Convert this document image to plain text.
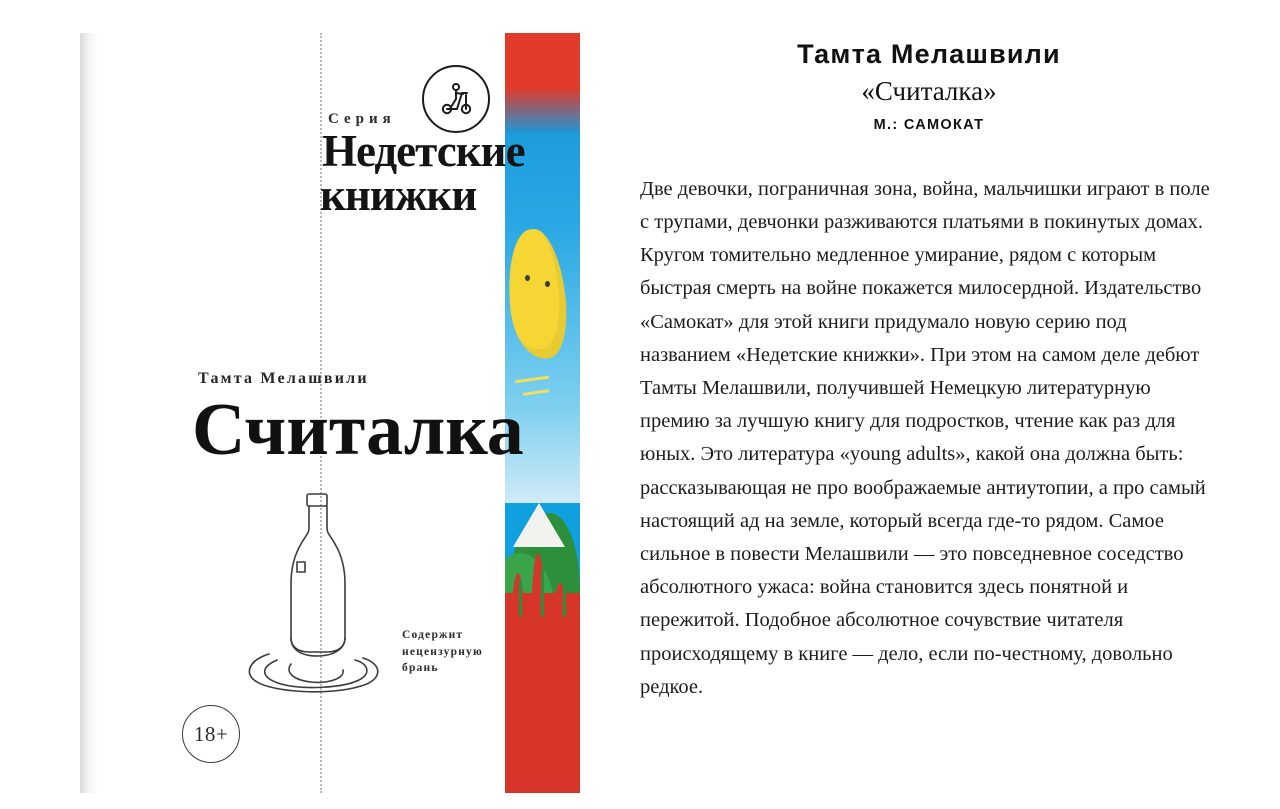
Серия
Недетские
книжки
Тамта Мелашвили
Считалка
Содержит нецензурную брань
18+
Тамта Мелашвили
«Считалка»
М.: САМОКАТ

Две девочки, пограничная зона, война, мальчишки играют в поле с трупами, девчонки разживаются платьями в покинутых домах. Кругом томительно медленное умирание, рядом с которым быстрая смерть на войне покажется милосердной. Издательство «Самокат» для этой книги придумало новую серию под названием «Недетские книжки». При этом на самом деле дебют Тамты Мелашвили, получившей Немецкую литературную премию за лучшую книгу для подростков, чтение как раз для юных. Это литература «young adults», какой она должна быть: рассказывающая не про воображаемые антиутопии, а про самый настоящий ад на земле, который всегда где-то рядом. Самое сильное в повести Мелашвили — это повседневное соседство абсолютного ужаса: война становится здесь понятной и пережитой. Подобное абсолютное сочувствие читателя происходящему в книге — дело, если по-честному, довольно редкое.
